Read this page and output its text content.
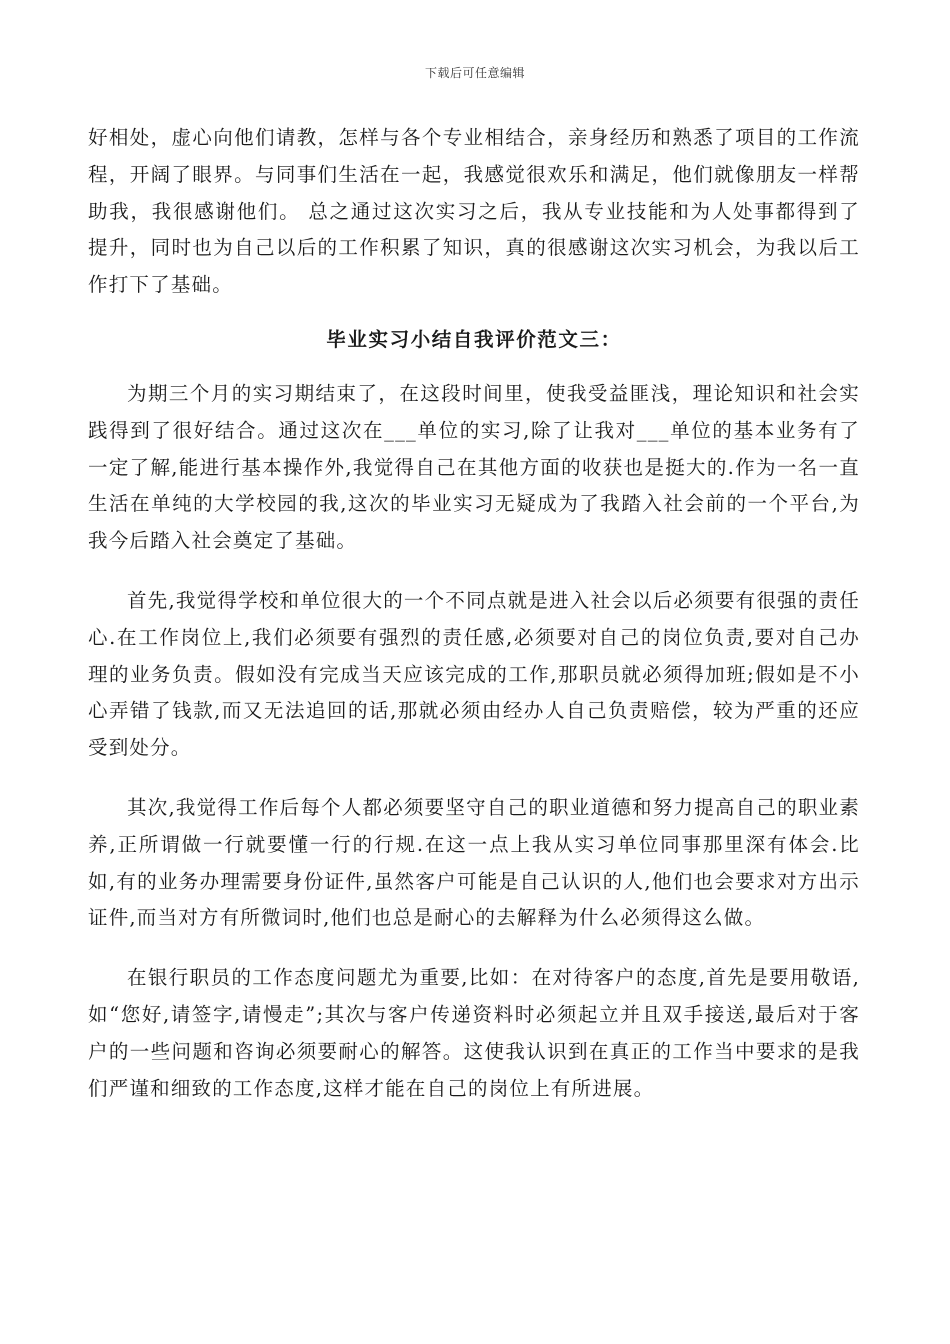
下载后可任意编辑

好相处，虚心向他们请教，怎样与各个专业相结合，亲身经历和熟悉了项目的工作流程，开阔了眼界。与同事们生活在一起，我感觉很欢乐和满足，他们就像朋友一样帮助我，我很感谢他们。 总之通过这次实习之后，我从专业技能和为人处事都得到了提升，同时也为自己以后的工作积累了知识，真的很感谢这次实习机会，为我以后工作打下了基础。

毕业实习小结自我评价范文三：

为期三个月的实习期结束了，在这段时间里，使我受益匪浅，理论知识和社会实践得到了很好结合。通过这次在___单位的实习,除了让我对___单位的基本业务有了一定了解,能进行基本操作外,我觉得自己在其他方面的收获也是挺大的.作为一名一直生活在单纯的大学校园的我,这次的毕业实习无疑成为了我踏入社会前的一个平台,为我今后踏入社会奠定了基础。

首先,我觉得学校和单位很大的一个不同点就是进入社会以后必须要有很强的责任心.在工作岗位上,我们必须要有强烈的责任感,必须要对自己的岗位负责,要对自己办理的业务负责。假如没有完成当天应该完成的工作,那职员就必须得加班;假如是不小心弄错了钱款,而又无法追回的话,那就必须由经办人自己负责赔偿，较为严重的还应受到处分。

其次,我觉得工作后每个人都必须要坚守自己的职业道德和努力提高自己的职业素养,正所谓做一行就要懂一行的行规.在这一点上我从实习单位同事那里深有体会.比如,有的业务办理需要身份证件,虽然客户可能是自己认识的人,他们也会要求对方出示证件,而当对方有所微词时,他们也总是耐心的去解释为什么必须得这么做。

在银行职员的工作态度问题尤为重要,比如：在对待客户的态度,首先是要用敬语,如“您好,请签字,请慢走”;其次与客户传递资料时必须起立并且双手接送,最后对于客户的一些问题和咨询必须要耐心的解答。这使我认识到在真正的工作当中要求的是我们严谨和细致的工作态度,这样才能在自己的岗位上有所进展。
